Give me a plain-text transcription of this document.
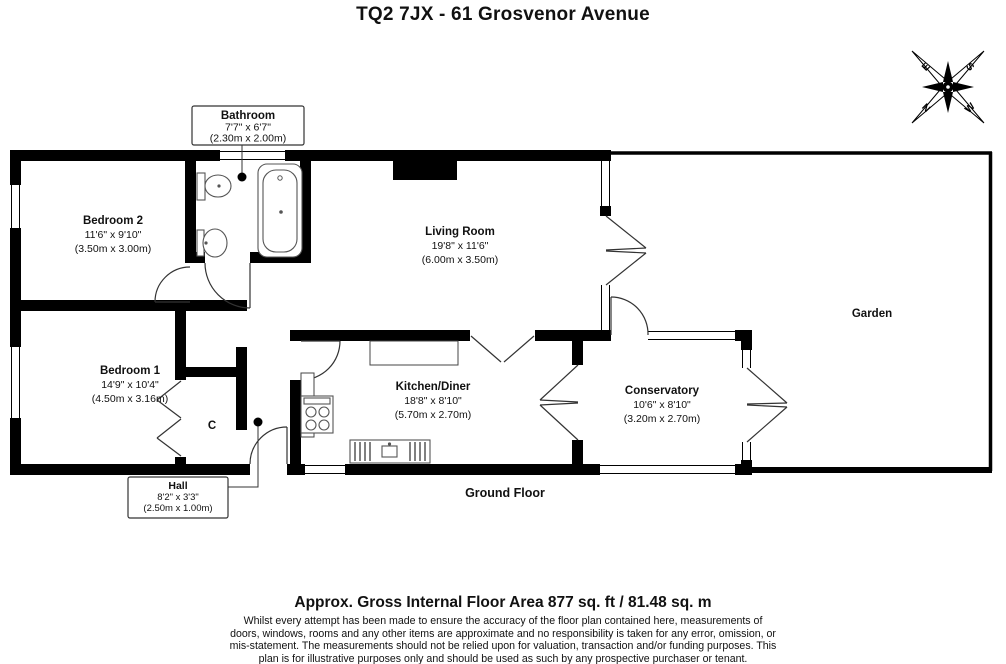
TQ2 7JX - 61 Grosvenor Avenue
Bathroom
7'7" x 6'7"
(2.30m x 2.00m)
Hall
8'2" x 3'3"
(2.50m x 1.00m)
Bedroom 2
11'6" x 9'10"
(3.50m x 3.00m)
Living Room
19'8" x 11'6"
(6.00m x 3.50m)
Bedroom 1
14'9" x 10'4"
(4.50m x 3.16m)
Kitchen/Diner
18'8" x 8'10"
(5.70m x 2.70m)
Conservatory
10'6" x 8'10"
(3.20m x 2.70m)
Garden
C
Ground Floor
E	S
N	W
Approx. Gross Internal Floor Area 877 sq. ft / 81.48 sq. m
Whilst every attempt has been made to ensure the accuracy of the floor plan contained here, measurements of doors, windows, rooms and any other items are approximate and no responsibility is taken for any error, omission, or mis-statement. The measurements should not be relied upon for valuation, transaction and/or funding purposes. This plan is for illustrative purposes only and should be used as such by any prospective purchaser or tenant.
